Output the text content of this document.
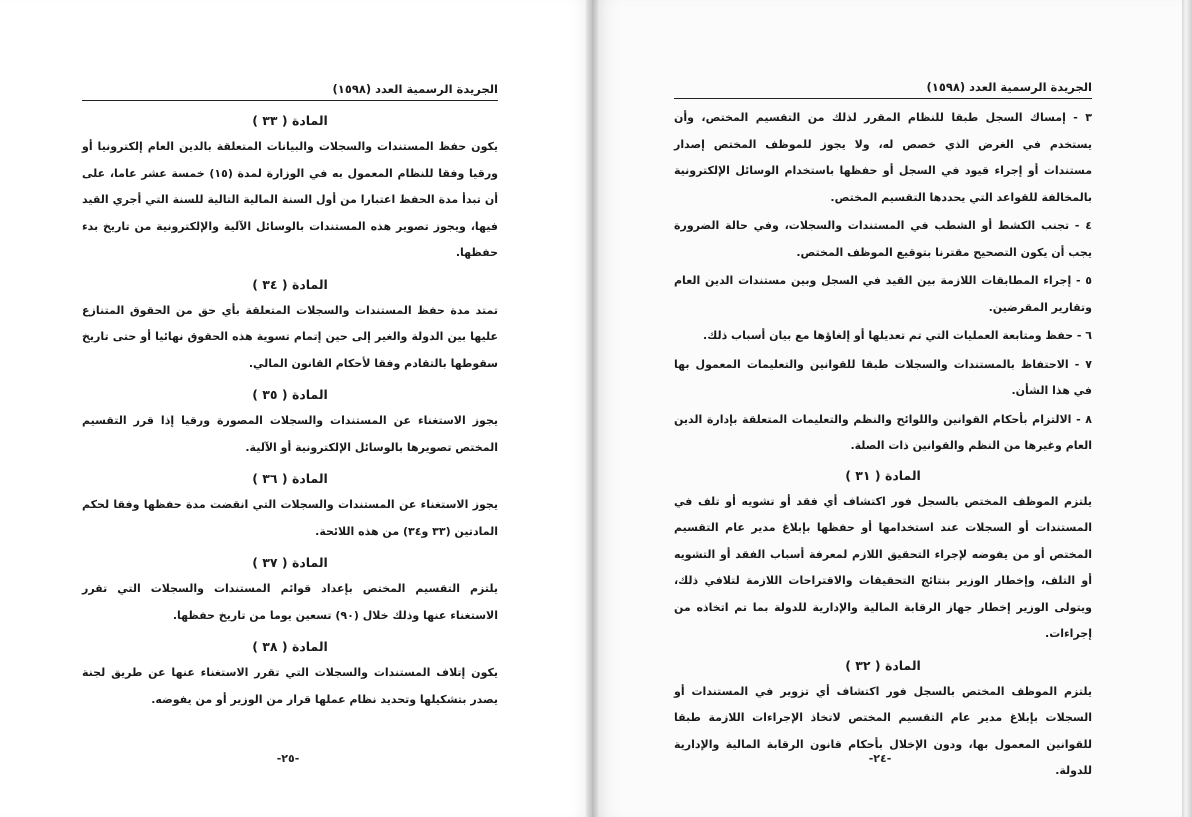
الجريدة الرسمية العدد (١٥٩٨)
المادة ( ٣٣ )

يكون حفظ المستندات والسجلات والبيانات المتعلقة بالدين العام إلكترونيا أو ورقيا وفقا للنظام المعمول به في الوزارة لمدة (١٥) خمسة عشر عاما، على أن تبدأ مدة الحفظ اعتبارا من أول السنة المالية التالية للسنة التي أجري القيد فيها، ويجوز تصوير هذه المستندات بالوسائل الآلية والإلكترونية من تاريخ بدء حفظها.

المادة ( ٣٤ )

تمتد مدة حفظ المستندات والسجلات المتعلقة بأي حق من الحقوق المتنازع عليها بين الدولة والغير إلى حين إتمام تسوية هذه الحقوق نهائيا أو حتى تاريخ سقوطها بالتقادم وفقا لأحكام القانون المالي.

المادة ( ٣٥ )

يجوز الاستغناء عن المستندات والسجلات المصورة ورقيا إذا قرر التقسيم المختص تصويرها بالوسائل الإلكترونية أو الآلية.

المادة ( ٣٦ )

يجوز الاستغناء عن المستندات والسجلات التي انقضت مدة حفظها وفقا لحكم المادتين (٣٣ و٣٤) من هذه اللائحة.

المادة ( ٣٧ )

يلتزم التقسيم المختص بإعداد قوائم المستندات والسجلات التي تقرر الاستغناء عنها وذلك خلال (٩٠) تسعين يوما من تاريخ حفظها.

المادة ( ٣٨ )

يكون إتلاف المستندات والسجلات التي تقرر الاستغناء عنها عن طريق لجنة يصدر بتشكيلها وتحديد نظام عملها قرار من الوزير أو من يفوضه.

-٢٥-
الجريدة الرسمية العدد (١٥٩٨)
٣ - إمساك السجل طبقا للنظام المقرر لذلك من التقسيم المختص، وأن يستخدم في الغرض الذي خصص له، ولا يجوز للموظف المختص إصدار مستندات أو إجراء قيود في السجل أو حفظها باستخدام الوسائل الإلكترونية بالمخالفة للقواعد التي يحددها التقسيم المختص.
٤ - تجنب الكشط أو الشطب في المستندات والسجلات، وفي حالة الضرورة يجب أن يكون التصحيح مقترنا بتوقيع الموظف المختص.
٥ - إجراء المطابقات اللازمة بين القيد في السجل وبين مستندات الدين العام وتقارير المقرضين.
٦ - حفظ ومتابعة العمليات التي تم تعديلها أو إلغاؤها مع بيان أسباب ذلك.
٧ - الاحتفاظ بالمستندات والسجلات طبقا للقوانين والتعليمات المعمول بها في هذا الشأن.
٨ - الالتزام بأحكام القوانين واللوائح والنظم والتعليمات المتعلقة بإدارة الدين العام وغيرها من النظم والقوانين ذات الصلة.
المادة ( ٣١ )

يلتزم الموظف المختص بالسجل فور اكتشاف أي فقد أو تشويه أو تلف في المستندات أو السجلات عند استخدامها أو حفظها بإبلاغ مدير عام التقسيم المختص أو من يفوضه لإجراء التحقيق اللازم لمعرفة أسباب الفقد أو التشويه أو التلف، وإخطار الوزير بنتائج التحقيقات والاقتراحات اللازمة لتلافي ذلك، ويتولى الوزير إخطار جهاز الرقابة المالية والإدارية للدولة بما تم اتخاذه من إجراءات.

المادة ( ٣٢ )

يلتزم الموظف المختص بالسجل فور اكتشاف أي تزوير في المستندات أو السجلات بإبلاغ مدير عام التقسيم المختص لاتخاذ الإجراءات اللازمة طبقا للقوانين المعمول بها، ودون الإخلال بأحكام قانون الرقابة المالية والإدارية للدولة.

-٢٤-
